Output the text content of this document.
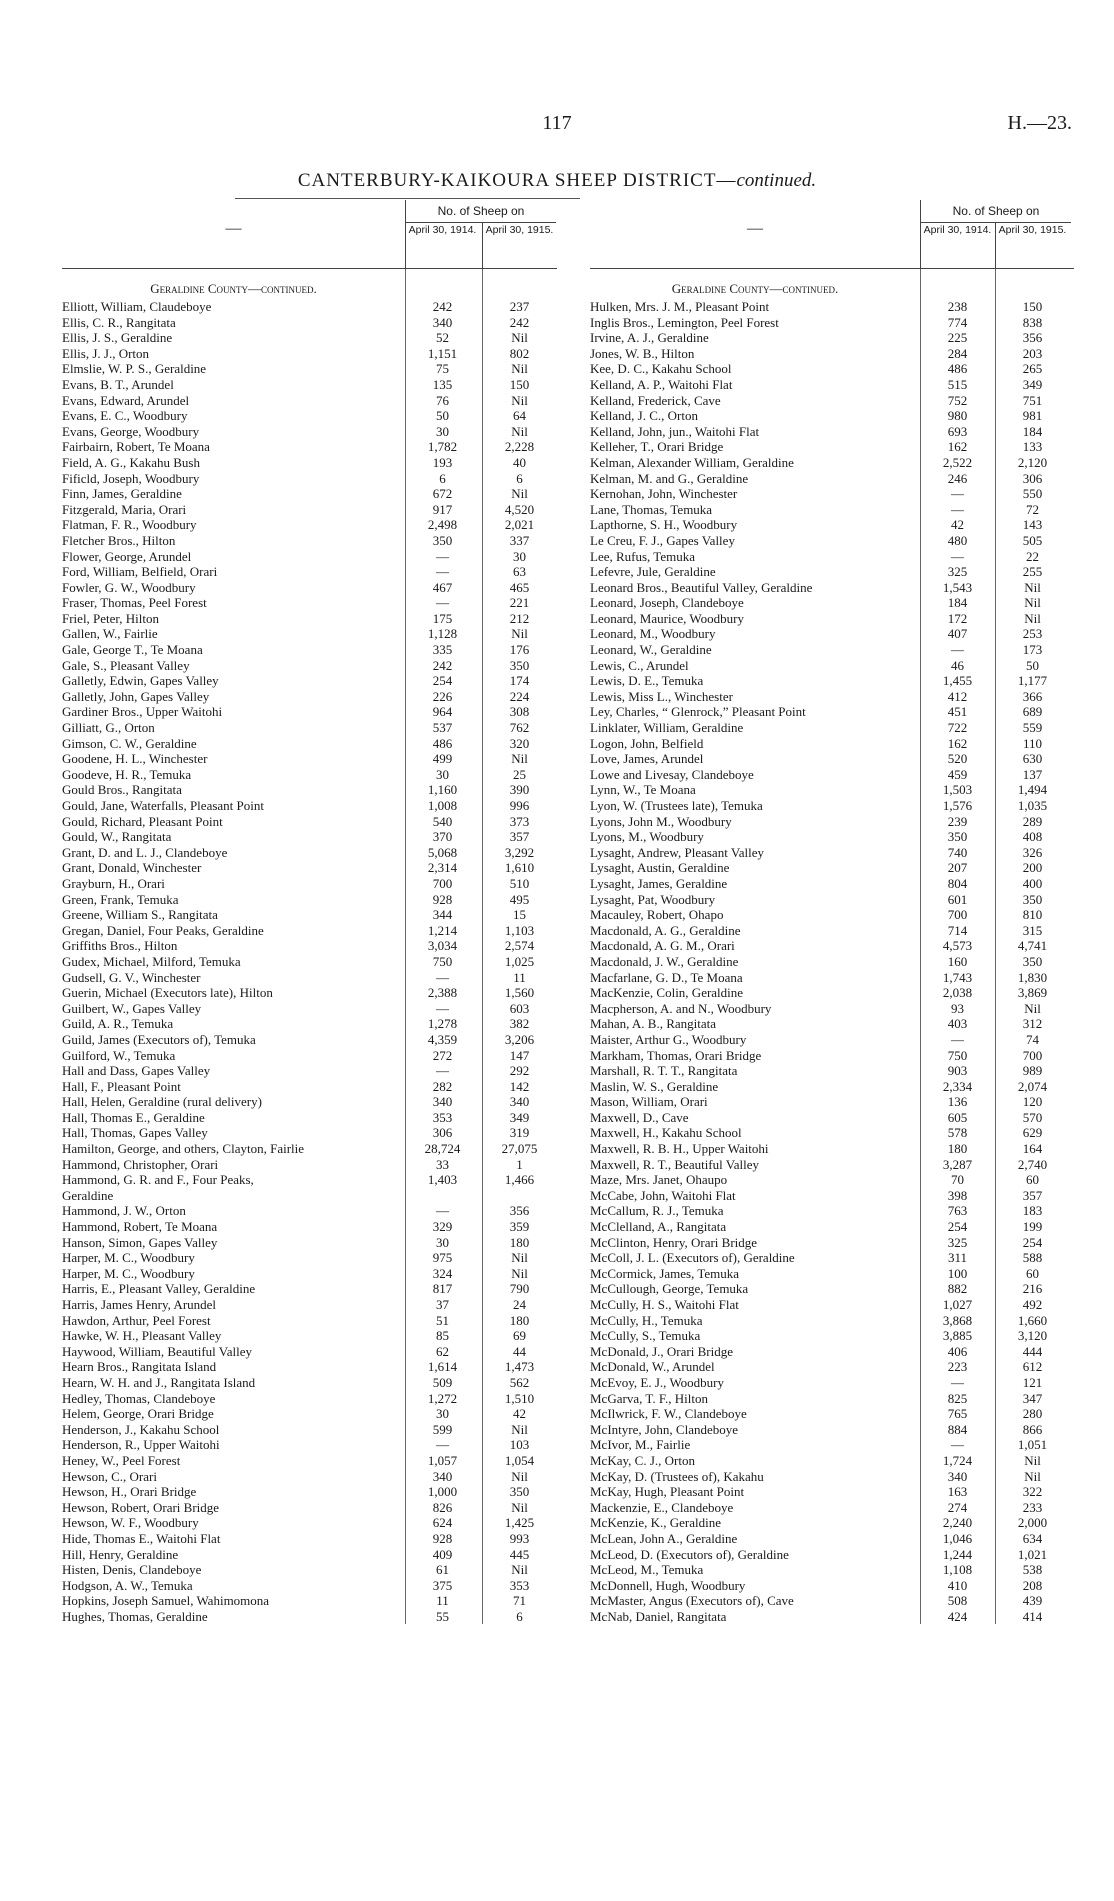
117	H.—23.
CANTERBURY-KAIKOURA SHEEP DISTRICT—continued.
—
No. of Sheep on
April 30, 1914. April 30, 1915.
Geraldine County—continued.
Elliott, William, Claudeboye	242	237
Ellis, C. R., Rangitata	340	242
Ellis, J. S., Geraldine	52	Nil
Ellis, J. J., Orton	1,151	802
Elmslie, W. P. S., Geraldine	75	Nil
Evans, B. T., Arundel	135	150
Evans, Edward, Arundel	76	Nil
Evans, E. C., Woodbury	50	64
Evans, George, Woodbury	30	Nil
Fairbairn, Robert, Te Moana	1,782	2,228
Field, A. G., Kakahu Bush	193	40
Fificld, Joseph, Woodbury	6	6
Finn, James, Geraldine	672	Nil
Fitzgerald, Maria, Orari	917	4,520
Flatman, F. R., Woodbury	2,498	2,021
Fletcher Bros., Hilton	350	337
Flower, George, Arundel	—	30
Ford, William, Belfield, Orari	—	63
Fowler, G. W., Woodbury	467	465
Fraser, Thomas, Peel Forest	—	221
Friel, Peter, Hilton	175	212
Gallen, W., Fairlie	1,128	Nil
Gale, George T., Te Moana	335	176
Gale, S., Pleasant Valley	242	350
Galletly, Edwin, Gapes Valley	254	174
Galletly, John, Gapes Valley	226	224
Gardiner Bros., Upper Waitohi	964	308
Gilliatt, G., Orton	537	762
Gimson, C. W., Geraldine	486	320
Goodene, H. L., Winchester	499	Nil
Goodeve, H. R., Temuka	30	25
Gould Bros., Rangitata	1,160	390
Gould, Jane, Waterfalls, Pleasant Point	1,008	996
Gould, Richard, Pleasant Point	540	373
Gould, W., Rangitata	370	357
Grant, D. and L. J., Clandeboye	5,068	3,292
Grant, Donald, Winchester	2,314	1,610
Grayburn, H., Orari	700	510
Green, Frank, Temuka	928	495
Greene, William S., Rangitata	344	15
Gregan, Daniel, Four Peaks, Geraldine	1,214	1,103
Griffiths Bros., Hilton	3,034	2,574
Gudex, Michael, Milford, Temuka	750	1,025
Gudsell, G. V., Winchester	—	11
Guerin, Michael (Executors late), Hilton	2,388	1,560
Guilbert, W., Gapes Valley	—	603
Guild, A. R., Temuka	1,278	382
Guild, James (Executors of), Temuka	4,359	3,206
Guilford, W., Temuka	272	147
Hall and Dass, Gapes Valley	—	292
Hall, F., Pleasant Point	282	142
Hall, Helen, Geraldine (rural delivery)	340	340
Hall, Thomas E., Geraldine	353	349
Hall, Thomas, Gapes Valley	306	319
Hamilton, George, and others, Clayton, Fairlie	28,724	27,075
Hammond, Christopher, Orari	33	1
Hammond, G. R. and F., Four Peaks,	1,403	1,466
Geraldine
Hammond, J. W., Orton	—	356
Hammond, Robert, Te Moana	329	359
Hanson, Simon, Gapes Valley	30	180
Harper, M. C., Woodbury	975	Nil
Harper, M. C., Woodbury	324	Nil
Harris, E., Pleasant Valley, Geraldine	817	790
Harris, James Henry, Arundel	37	24
Hawdon, Arthur, Peel Forest	51	180
Hawke, W. H., Pleasant Valley	85	69
Haywood, William, Beautiful Valley	62	44
Hearn Bros., Rangitata Island	1,614	1,473
Hearn, W. H. and J., Rangitata Island	509	562
Hedley, Thomas, Clandeboye	1,272	1,510
Helem, George, Orari Bridge	30	42
Henderson, J., Kakahu School	599	Nil
Henderson, R., Upper Waitohi	—	103
Heney, W., Peel Forest	1,057	1,054
Hewson, C., Orari	340	Nil
Hewson, H., Orari Bridge	1,000	350
Hewson, Robert, Orari Bridge	826	Nil
Hewson, W. F., Woodbury	624	1,425
Hide, Thomas E., Waitohi Flat	928	993
Hill, Henry, Geraldine	409	445
Histen, Denis, Clandeboye	61	Nil
Hodgson, A. W., Temuka	375	353
Hopkins, Joseph Samuel, Wahimomona	11	71
Hughes, Thomas, Geraldine	55	6
—
No. of Sheep on
April 30, 1914. April 30, 1915.
Geraldine County—continued.
Hulken, Mrs. J. M., Pleasant Point	238	150
Inglis Bros., Lemington, Peel Forest	774	838
Irvine, A. J., Geraldine	225	356
Jones, W. B., Hilton	284	203
Kee, D. C., Kakahu School	486	265
Kelland, A. P., Waitohi Flat	515	349
Kelland, Frederick, Cave	752	751
Kelland, J. C., Orton	980	981
Kelland, John, jun., Waitohi Flat	693	184
Kelleher, T., Orari Bridge	162	133
Kelman, Alexander William, Geraldine	2,522	2,120
Kelman, M. and G., Geraldine	246	306
Kernohan, John, Winchester	—	550
Lane, Thomas, Temuka	—	72
Lapthorne, S. H., Woodbury	42	143
Le Creu, F. J., Gapes Valley	480	505
Lee, Rufus, Temuka	—	22
Lefevre, Jule, Geraldine	325	255
Leonard Bros., Beautiful Valley, Geraldine	1,543	Nil
Leonard, Joseph, Clandeboye	184	Nil
Leonard, Maurice, Woodbury	172	Nil
Leonard, M., Woodbury	407	253
Leonard, W., Geraldine	—	173
Lewis, C., Arundel	46	50
Lewis, D. E., Temuka	1,455	1,177
Lewis, Miss L., Winchester	412	366
Ley, Charles, “ Glenrock,” Pleasant Point	451	689
Linklater, William, Geraldine	722	559
Logon, John, Belfield	162	110
Love, James, Arundel	520	630
Lowe and Livesay, Clandeboye	459	137
Lynn, W., Te Moana	1,503	1,494
Lyon, W. (Trustees late), Temuka	1,576	1,035
Lyons, John M., Woodbury	239	289
Lyons, M., Woodbury	350	408
Lysaght, Andrew, Pleasant Valley	740	326
Lysaght, Austin, Geraldine	207	200
Lysaght, James, Geraldine	804	400
Lysaght, Pat, Woodbury	601	350
Macauley, Robert, Ohapo	700	810
Macdonald, A. G., Geraldine	714	315
Macdonald, A. G. M., Orari	4,573	4,741
Macdonald, J. W., Geraldine	160	350
Macfarlane, G. D., Te Moana	1,743	1,830
MacKenzie, Colin, Geraldine	2,038	3,869
Macpherson, A. and N., Woodbury	93	Nil
Mahan, A. B., Rangitata	403	312
Maister, Arthur G., Woodbury	—	74
Markham, Thomas, Orari Bridge	750	700
Marshall, R. T. T., Rangitata	903	989
Maslin, W. S., Geraldine	2,334	2,074
Mason, William, Orari	136	120
Maxwell, D., Cave	605	570
Maxwell, H., Kakahu School	578	629
Maxwell, R. B. H., Upper Waitohi	180	164
Maxwell, R. T., Beautiful Valley	3,287	2,740
Maze, Mrs. Janet, Ohaupo	70	60
McCabe, John, Waitohi Flat	398	357
McCallum, R. J., Temuka	763	183
McClelland, A., Rangitata	254	199
McClinton, Henry, Orari Bridge	325	254
McColl, J. L. (Executors of), Geraldine	311	588
McCormick, James, Temuka	100	60
McCullough, George, Temuka	882	216
McCully, H. S., Waitohi Flat	1,027	492
McCully, H., Temuka	3,868	1,660
McCully, S., Temuka	3,885	3,120
McDonald, J., Orari Bridge	406	444
McDonald, W., Arundel	223	612
McEvoy, E. J., Woodbury	—	121
McGarva, T. F., Hilton	825	347
McIlwrick, F. W., Clandeboye	765	280
McIntyre, John, Clandeboye	884	866
McIvor, M., Fairlie	—	1,051
McKay, C. J., Orton	1,724	Nil
McKay, D. (Trustees of), Kakahu	340	Nil
McKay, Hugh, Pleasant Point	163	322
Mackenzie, E., Clandeboye	274	233
McKenzie, K., Geraldine	2,240	2,000
McLean, John A., Geraldine	1,046	634
McLeod, D. (Executors of), Geraldine	1,244	1,021
McLeod, M., Temuka	1,108	538
McDonnell, Hugh, Woodbury	410	208
McMaster, Angus (Executors of), Cave	508	439
McNab, Daniel, Rangitata	424	414
